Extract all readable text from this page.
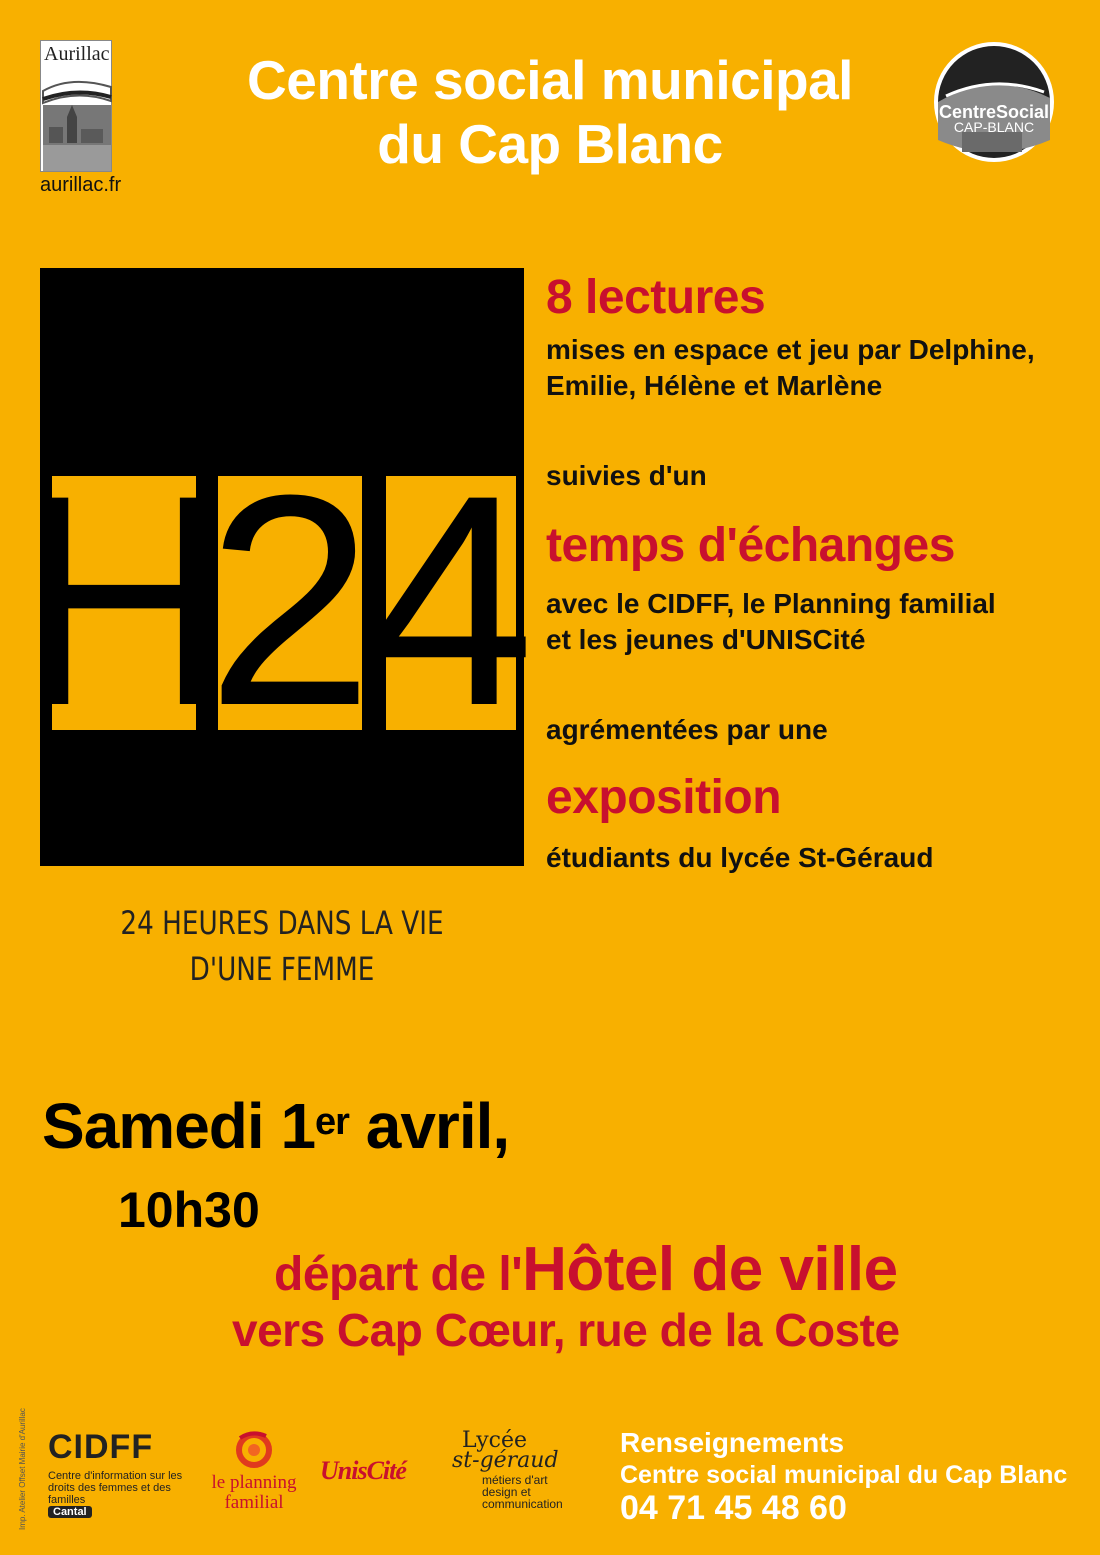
Aurillac
aurillac.fr
Centre social municipal
du Cap Blanc
CentreSocial
CAP-BLANC
H
2
4
24 HEURES DANS LA VIE
D'UNE FEMME
8 lectures
mises en espace et jeu par Delphine,
Emilie, Hélène et Marlène
suivies d'un
temps d'échanges
avec le CIDFF, le Planning familial
et les jeunes d'UNISCité
agrémentées par une
exposition
étudiants du lycée St-Géraud
Samedi 1er avril,
10h30
départ de l'Hôtel de ville
vers Cap Cœur, rue de la Coste
Imp. Atelier Offset Mairie d'Aurillac CIDFF
Centre d'information sur les droits des femmes et des familles
Cantal
le planning
familial
UnisCité
Lycée
st-géraud
métiers d'art design et communication
Renseignements
Centre social municipal du Cap Blanc
04 71 45 48 60
